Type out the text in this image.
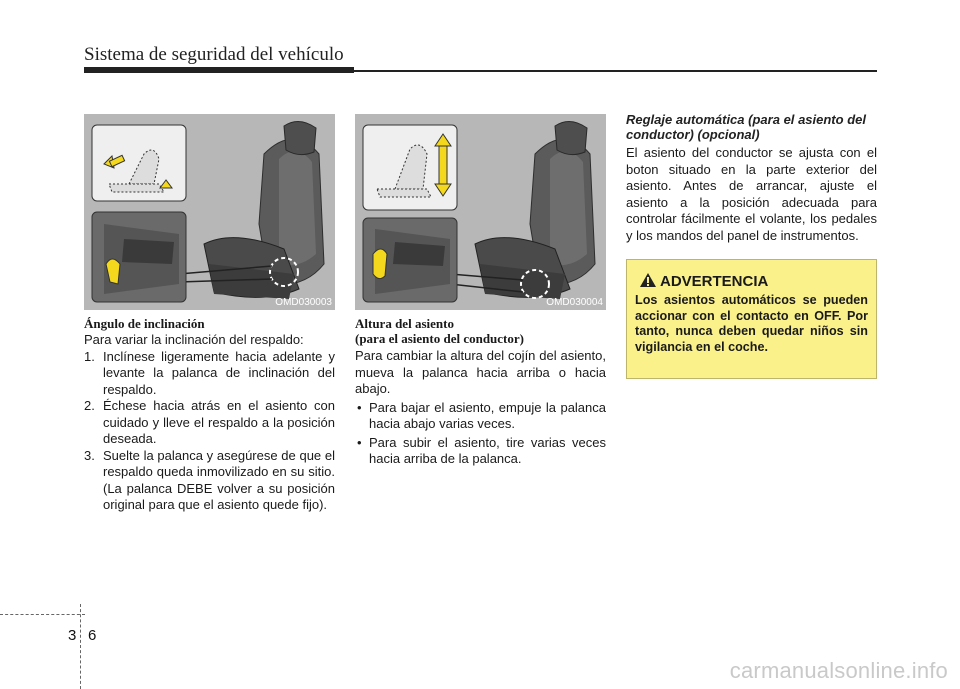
Sistema de seguridad del vehículo
OMD030003	OMD030004
Ángulo de inclinación

Para variar la inclinación del respaldo:

1. Inclínese ligeramente hacia adelante y levante la palanca de inclinación del respaldo.
2. Échese hacia atrás en el asiento con cuidado y lleve el respaldo a la posición deseada.
3. Suelte la palanca y asegúrese de que el respaldo queda inmovilizado en su sitio. (La palanca DEBE volver a su posición original para que el asiento quede fijo).
Altura del asiento
(para el asiento del conductor)

Para cambiar la altura del cojín del asiento, mueva la palanca hacia arriba o hacia abajo.

• Para bajar el asiento, empuje la palanca hacia abajo varias veces.
• Para subir el asiento, tire varias veces hacia arriba de la palanca.
Reglaje automática (para el asiento del conductor) (opcional)

El asiento del conductor se ajusta con el boton situado en la parte exterior del asiento. Antes de arrancar, ajuste el asiento a la posición adecuada para controlar fácilmente el volante, los pedales y los mandos del panel de instrumentos.

ADVERTENCIA
Los asientos automáticos se pueden accionar con el contacto en OFF. Por tanto, nunca deben quedar niños sin vigilancia en el coche.
3 6
carmanualsonline.info
